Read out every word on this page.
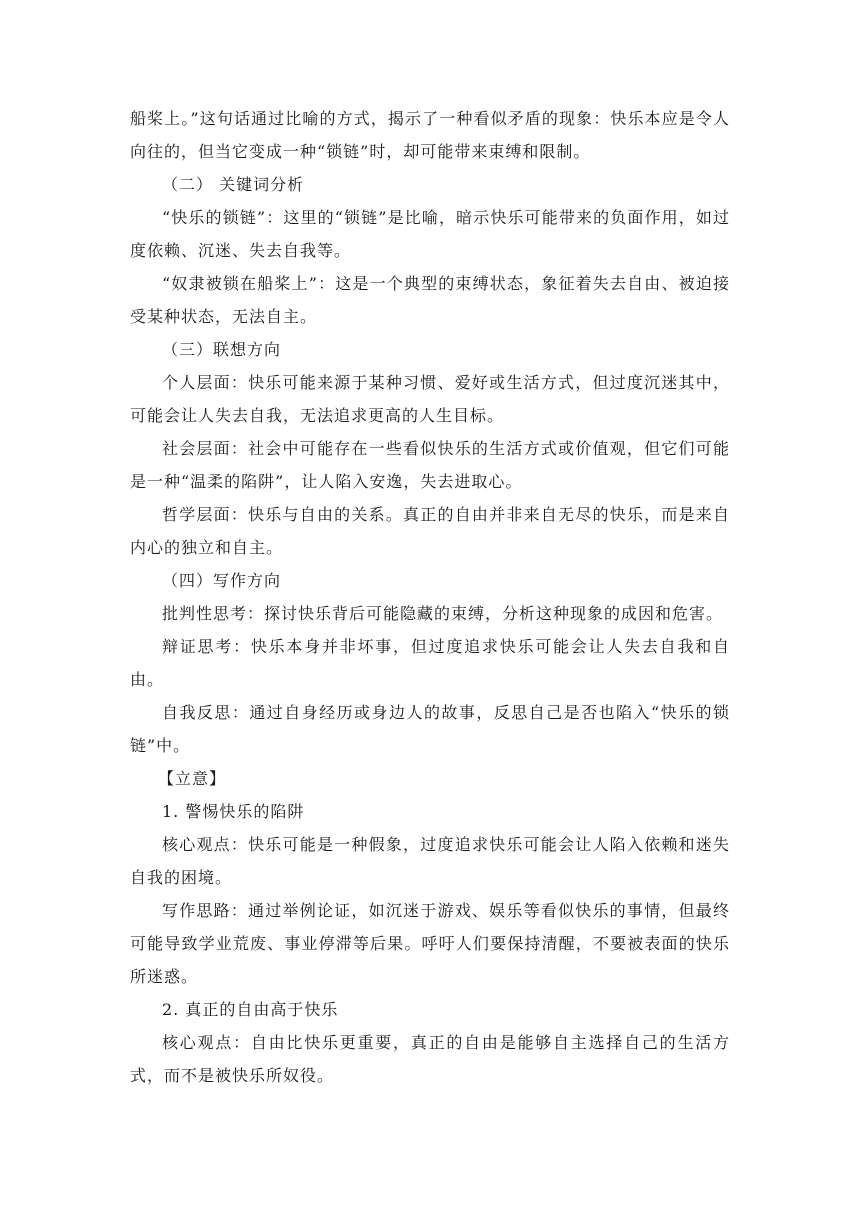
船桨上。”这句话通过比喻的方式，揭示了一种看似矛盾的现象：快乐本应是令人向往的，但当它变成一种“锁链”时，却可能带来束缚和限制。

（二） 关键词分析

“快乐的锁链”：这里的“锁链”是比喻，暗示快乐可能带来的负面作用，如过度依赖、沉迷、失去自我等。

“奴隶被锁在船桨上”：这是一个典型的束缚状态，象征着失去自由、被迫接受某种状态，无法自主。

（三）联想方向

个人层面：快乐可能来源于某种习惯、爱好或生活方式，但过度沉迷其中，可能会让人失去自我，无法追求更高的人生目标。

社会层面：社会中可能存在一些看似快乐的生活方式或价值观，但它们可能是一种“温柔的陷阱”，让人陷入安逸，失去进取心。

哲学层面：快乐与自由的关系。真正的自由并非来自无尽的快乐，而是来自内心的独立和自主。

（四）写作方向

批判性思考：探讨快乐背后可能隐藏的束缚，分析这种现象的成因和危害。

辩证思考：快乐本身并非坏事，但过度追求快乐可能会让人失去自我和自由。

自我反思：通过自身经历或身边人的故事，反思自己是否也陷入“快乐的锁链”中。

【立意】

1. 警惕快乐的陷阱

核心观点：快乐可能是一种假象，过度追求快乐可能会让人陷入依赖和迷失自我的困境。

写作思路：通过举例论证，如沉迷于游戏、娱乐等看似快乐的事情，但最终可能导致学业荒废、事业停滞等后果。呼吁人们要保持清醒，不要被表面的快乐所迷惑。

2. 真正的自由高于快乐

核心观点：自由比快乐更重要，真正的自由是能够自主选择自己的生活方式，而不是被快乐所奴役。
